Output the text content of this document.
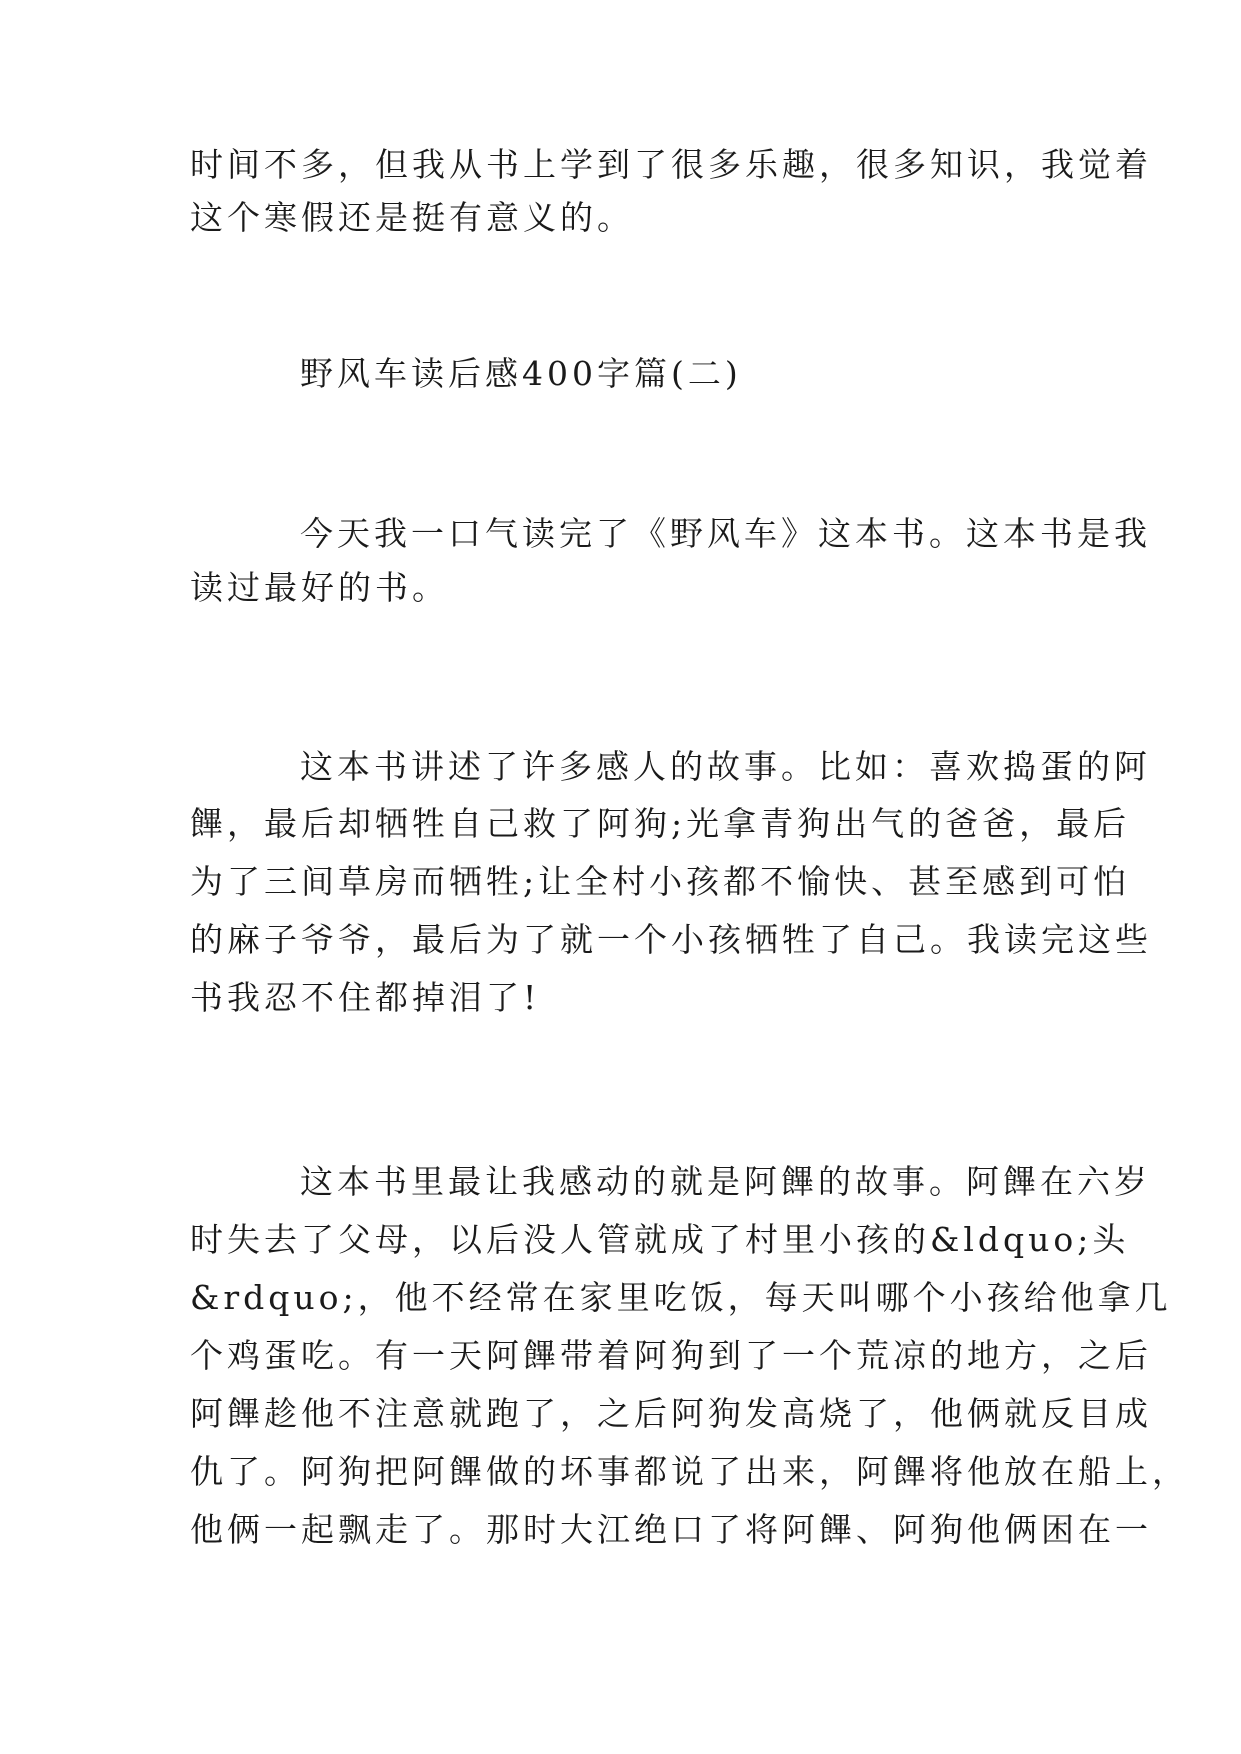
时间不多，但我从书上学到了很多乐趣，很多知识，我觉着
这个寒假还是挺有意义的。
野风车读后感400字篇(二)
今天我一口气读完了《野风车》这本书。这本书是我
读过最好的书。
这本书讲述了许多感人的故事。比如：喜欢捣蛋的阿
饆，最后却牺牲自己救了阿狗;光拿青狗出气的爸爸，最后
为了三间草房而牺牲;让全村小孩都不愉快、甚至感到可怕
的麻子爷爷，最后为了就一个小孩牺牲了自己。我读完这些
书我忍不住都掉泪了!
这本书里最让我感动的就是阿饆的故事。阿饆在六岁
时失去了父母，以后没人管就成了村里小孩的&ldquo;头
&rdquo;，他不经常在家里吃饭，每天叫哪个小孩给他拿几
个鸡蛋吃。有一天阿饆带着阿狗到了一个荒凉的地方，之后
阿饆趁他不注意就跑了，之后阿狗发高烧了，他俩就反目成
仇了。阿狗把阿饆做的坏事都说了出来，阿饆将他放在船上，
他俩一起飘走了。那时大江绝口了将阿饆、阿狗他俩困在一
